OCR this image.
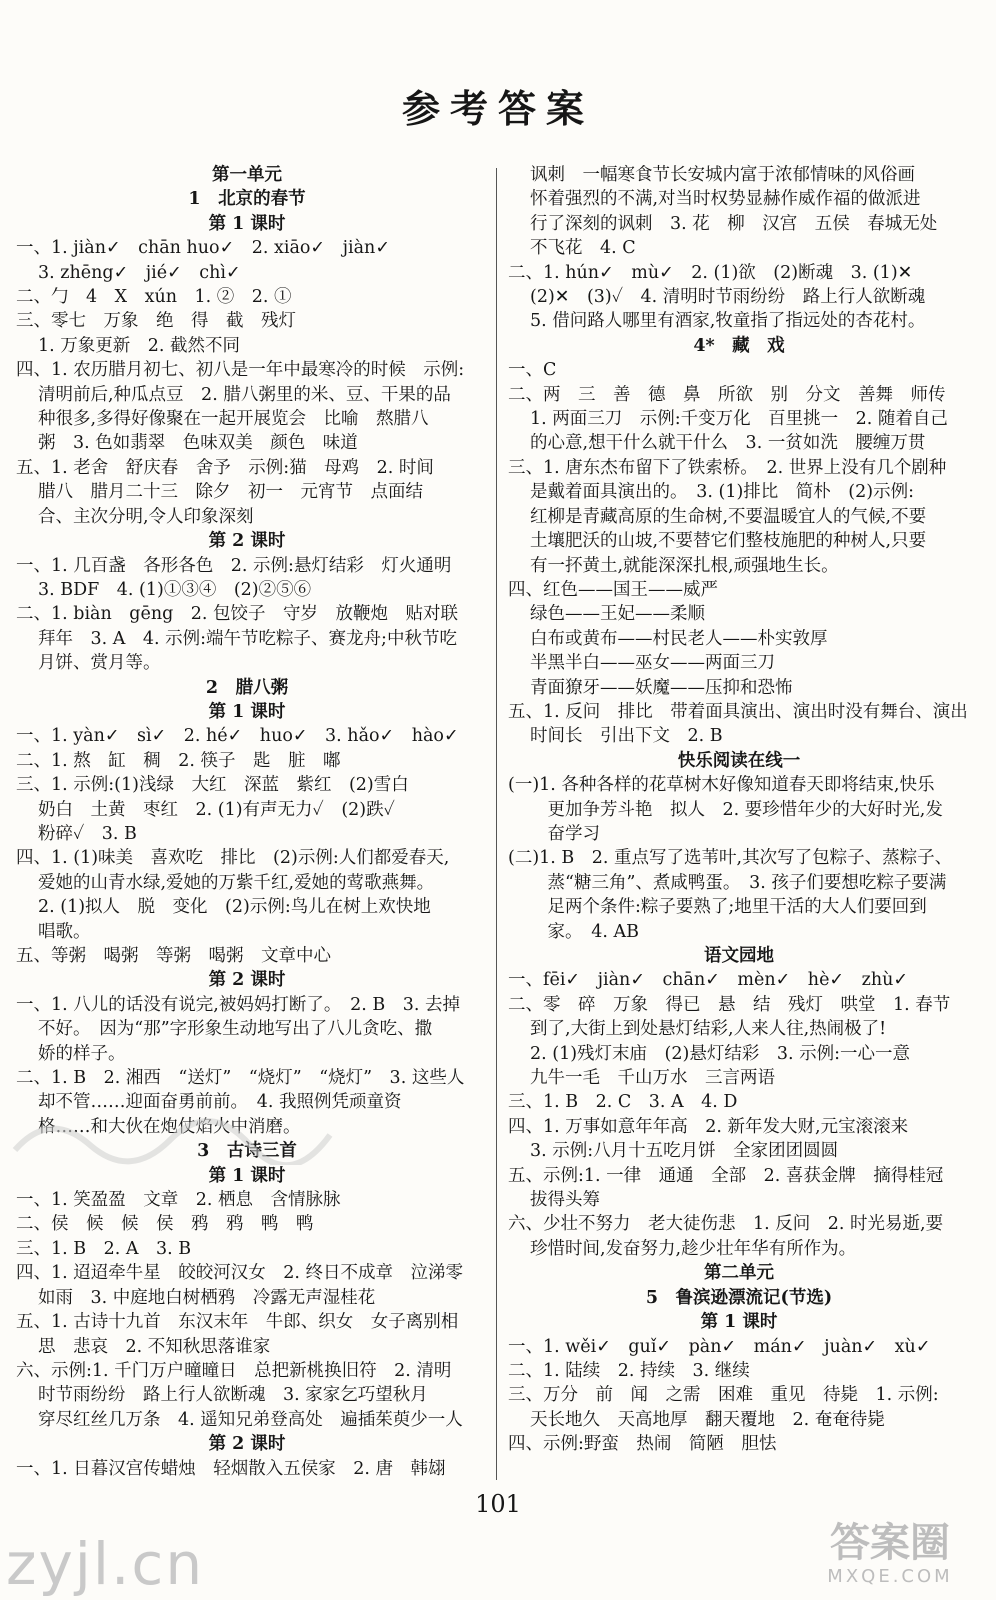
参考答案
第一单元
1　北京的春节
第 1 课时
一、1. jiàn✓　chān huo✓　2. xiāo✓　jiàn✓
3. zhēng✓　jié✓　chì✓
二、勹　4　X　xún　1. ②　2. ①
三、零七　万象　绝　得　截　残灯
1. 万象更新　2. 截然不同
四、1. 农历腊月初七、初八是一年中最寒冷的时候　示例:
清明前后,种瓜点豆　2. 腊八粥里的米、豆、干果的品
种很多,多得好像聚在一起开展览会　比喻　熬腊八
粥　3. 色如翡翠　色味双美　颜色　味道
五、1. 老舍　舒庆春　舍予　示例:猫　母鸡　2. 时间
腊八　腊月二十三　除夕　初一　元宵节　点面结
合、主次分明,令人印象深刻
第 2 课时
一、1. 几百盏　各形各色　2. 示例:悬灯结彩　灯火通明
3. BDF　4. (1)①③④　(2)②⑤⑥
二、1. biàn　gēng　2. 包饺子　守岁　放鞭炮　贴对联
拜年　3. A　4. 示例:端午节吃粽子、赛龙舟;中秋节吃
月饼、赏月等。
2　腊八粥
第 1 课时
一、1. yàn✓　sì✓　2. hé✓　huo✓　3. hǎo✓　hào✓
二、1. 熬　缸　稠　2. 筷子　匙　脏　嘟
三、1. 示例:(1)浅绿　大红　深蓝　紫红　(2)雪白
奶白　土黄　枣红　2. (1)有声无力✓　(2)跌✓
粉碎✓　3. B
四、1. (1)味美　喜欢吃　排比　(2)示例:人们都爱春天,
爱她的山青水绿,爱她的万紫千红,爱她的莺歌燕舞。
2. (1)拟人　脱　变化　(2)示例:鸟儿在树上欢快地
唱歌。
五、等粥　喝粥　等粥　喝粥　文章中心
第 2 课时
一、1. 八儿的话没有说完,被妈妈打断了。　2. B　3. 去掉
不好。　因为“那”字形象生动地写出了八儿贪吃、撒
娇的样子。
二、1. B　2. 湘西　“送灯”　“烧灯”　“烧灯”　3. 这些人
却不管……迎面奋勇前前。　4. 我照例凭顽童资
格……和大伙在炮仗焰火中消磨。
3　古诗三首
第 1 课时
一、1. 笑盈盈　文章　2. 栖息　含情脉脉
二、侯　候　候　侯　鸦　鸦　鸭　鸭
三、1. B　2. A　3. B
四、1. 迢迢牵牛星　皎皎河汉女　2. 终日不成章　泣涕零
如雨　3. 中庭地白树栖鸦　冷露无声湿桂花
五、1. 古诗十九首　东汉末年　牛郎、织女　女子离别相
思　悲哀　2. 不知秋思落谁家
六、示例:1. 千门万户曈曈日　总把新桃换旧符　2. 清明
时节雨纷纷　路上行人欲断魂　3. 家家乞巧望秋月
穿尽红丝几万条　4. 遥知兄弟登高处　遍插茱萸少一人
第 2 课时
一、1. 日暮汉宫传蜡烛　轻烟散入五侯家　2. 唐　韩翃
讽刺　一幅寒食节长安城内富于浓郁情味的风俗画
怀着强烈的不满,对当时权势显赫作威作福的做派进
行了深刻的讽刺　3. 花　柳　汉宫　五侯　春城无处
不飞花　4. C
二、1. hún✓　mù✓　2. (1)欲　(2)断魂　3. (1)✕
(2)✕　(3)✓　4. 清明时节雨纷纷　路上行人欲断魂
5. 借问路人哪里有酒家,牧童指了指远处的杏花村。
4*　藏　戏
一、C
二、两　三　善　德　鼻　所欲　别　分文　善舞　师传
1. 两面三刀　示例:千变万化　百里挑一　2. 随着自己
的心意,想干什么就干什么　3. 一贫如洗　腰缠万贯
三、1. 唐东杰布留下了铁索桥。　2. 世界上没有几个剧种
是戴着面具演出的。　3. (1)排比　简朴　(2)示例:
红柳是青藏高原的生命树,不要温暖宜人的气候,不要
土壤肥沃的山坡,不要替它们整枝施肥的种树人,只要
有一抔黄土,就能深深扎根,顽强地生长。
四、红色——国王——威严
绿色——王妃——柔顺
白布或黄布——村民老人——朴实敦厚
半黑半白——巫女——两面三刀
青面獠牙——妖魔——压抑和恐怖
五、1. 反问　排比　带着面具演出、演出时没有舞台、演出
时间长　引出下文　2. B
快乐阅读在线一
(一)1. 各种各样的花草树木好像知道春天即将结束,快乐
　更加争芳斗艳　拟人　2. 要珍惜年少的大好时光,发
　奋学习
(二)1. B　2. 重点写了选苇叶,其次写了包粽子、蒸粽子、
　蒸“糖三角”、煮咸鸭蛋。　3. 孩子们要想吃粽子要满
　足两个条件:粽子要熟了;地里干活的大人们要回到
　家。　4. AB
语文园地
一、fēi✓　jiàn✓　chān✓　mèn✓　hè✓　zhù✓
二、零　碎　万象　得已　悬　结　残灯　哄堂　1. 春节
到了,大街上到处悬灯结彩,人来人往,热闹极了!
2. (1)残灯末庙　(2)悬灯结彩　3. 示例:一心一意
九牛一毛　千山万水　三言两语
三、1. B　2. C　3. A　4. D
四、1. 万事如意年年高　2. 新年发大财,元宝滚滚来
3. 示例:八月十五吃月饼　全家团团圆圆
五、示例:1. 一律　通通　全部　2. 喜获金牌　摘得桂冠
拔得头筹
六、少壮不努力　老大徒伤悲　1. 反问　2. 时光易逝,要
珍惜时间,发奋努力,趁少壮年华有所作为。
第二单元
5　鲁滨逊漂流记(节选)
第 1 课时
一、1. wěi✓　guǐ✓　pàn✓　mán✓　juàn✓　xù✓
二、1. 陆续　2. 持续　3. 继续
三、万分　前　闻　之需　困难　重见　待毙　1. 示例:
天长地久　天高地厚　翻天覆地　2. 奄奄待毙
四、示例:野蛮　热闹　简陋　胆怯
101
zyjl.cn	答案圈
MXQE.COM
